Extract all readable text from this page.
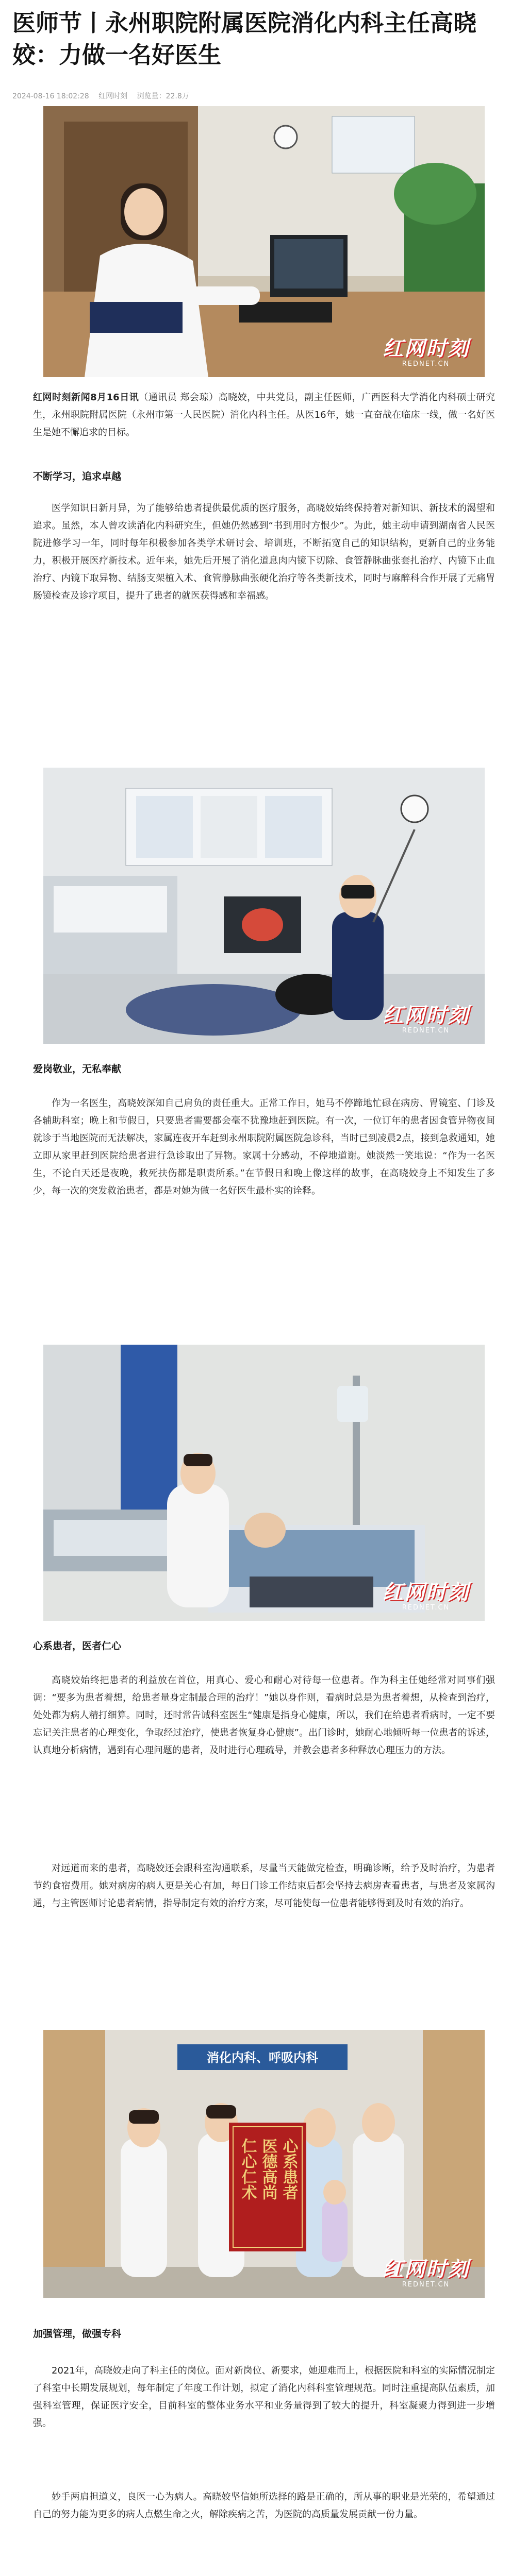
医师节丨永州职院附属医院消化内科主任高晓姣：力做一名好医生
2024-08-16 18:02:28 红网时刻 浏览量：22.8万
红网时刻
REDNET.CN

红网时刻新闻8月16日讯（通讯员 郑会琼）高晓姣，中共党员，副主任医师，广西医科大学消化内科硕士研究生，永州职院附属医院（永州市第一人民医院）消化内科主任。从医16年，她一直奋战在临床一线，做一名好医生是她不懈追求的目标。

不断学习，追求卓越

医学知识日新月异，为了能够给患者提供最优质的医疗服务，高晓姣始终保持着对新知识、新技术的渴望和追求。虽然，本人曾攻读消化内科研究生，但她仍然感到“书到用时方恨少”。为此，她主动申请到湖南省人民医院进修学习一年，同时每年积极参加各类学术研讨会、培训班，不断拓宽自己的知识结构，更新自己的业务能力，积极开展医疗新技术。近年来，她先后开展了消化道息肉内镜下切除、食管静脉曲张套扎治疗、内镜下止血治疗、内镜下取异物、结肠支架植入术、食管静脉曲张硬化治疗等各类新技术，同时与麻醉科合作开展了无痛胃肠镜检查及诊疗项目，提升了患者的就医获得感和幸福感。

红网时刻
REDNET.CN
爱岗敬业，无私奉献

作为一名医生，高晓姣深知自己肩负的责任重大。正常工作日，她马不停蹄地忙碌在病房、胃镜室、门诊及各辅助科室；晚上和节假日，只要患者需要都会毫不犹豫地赶到医院。有一次，一位订年的患者因食管异物夜间就诊于当地医院而无法解决，家属连夜开车赶到永州职院附属医院急诊科，当时已到凌晨2点，接到急救通知，她立即从家里赶到医院给患者进行急诊取出了异物。家属十分感动，不停地道谢。她淡然一笑地说：“作为一名医生，不论白天还是夜晚，救死扶伤都是职责所系。”在节假日和晚上像这样的故事，在高晓姣身上不知发生了多少，每一次的突发救治患者，都是对她为做一名好医生最朴实的诠释。

红网时刻
REDNET.CN
心系患者，医者仁心

高晓姣始终把患者的利益放在首位，用真心、爱心和耐心对待每一位患者。作为科主任她经常对同事们强调：“要多为患者着想，给患者量身定制最合理的治疗！”她以身作则，看病时总是为患者着想，从检查到治疗，处处都为病人精打细算。同时，还时常告诫科室医生“健康是指身心健康，所以，我们在给患者看病时，一定不要忘记关注患者的心理变化，争取经过治疗，使患者恢复身心健康”。出门诊时，她耐心地倾听每一位患者的诉述，认真地分析病情，遇到有心理问题的患者，及时进行心理疏导，并教会患者多种释放心理压力的方法。

对远道而来的患者，高晓姣还会跟科室沟通联系，尽量当天能做完检查，明确诊断，给予及时治疗，为患者节约食宿费用。她对病房的病人更是关心有加，每日门诊工作结束后都会坚持去病房查看患者，与患者及家属沟通，与主管医师讨论患者病情，指导制定有效的治疗方案，尽可能使每一位患者能够得到及时有效的治疗。

消化内科、呼吸内科
心系患者
医德高尚
仁心仁术
红网时刻
REDNET.CN
加强管理，做强专科

2021年，高晓姣走向了科主任的岗位。面对新岗位、新要求，她迎难而上，根据医院和科室的实际情况制定了科室中长期发展规划，每年制定了年度工作计划，拟定了消化内科科室管理规范。同时注重提高队伍素质，加强科室管理，保证医疗安全，目前科室的整体业务水平和业务量得到了较大的提升，科室凝聚力得到进一步增强。

妙手两肩担道义，良医一心为病人。高晓姣坚信她所选择的路是正确的，所从事的职业是光荣的，希望通过自己的努力能为更多的病人点燃生命之火，解除疾病之苦，为医院的高质量发展贡献一份力量。
